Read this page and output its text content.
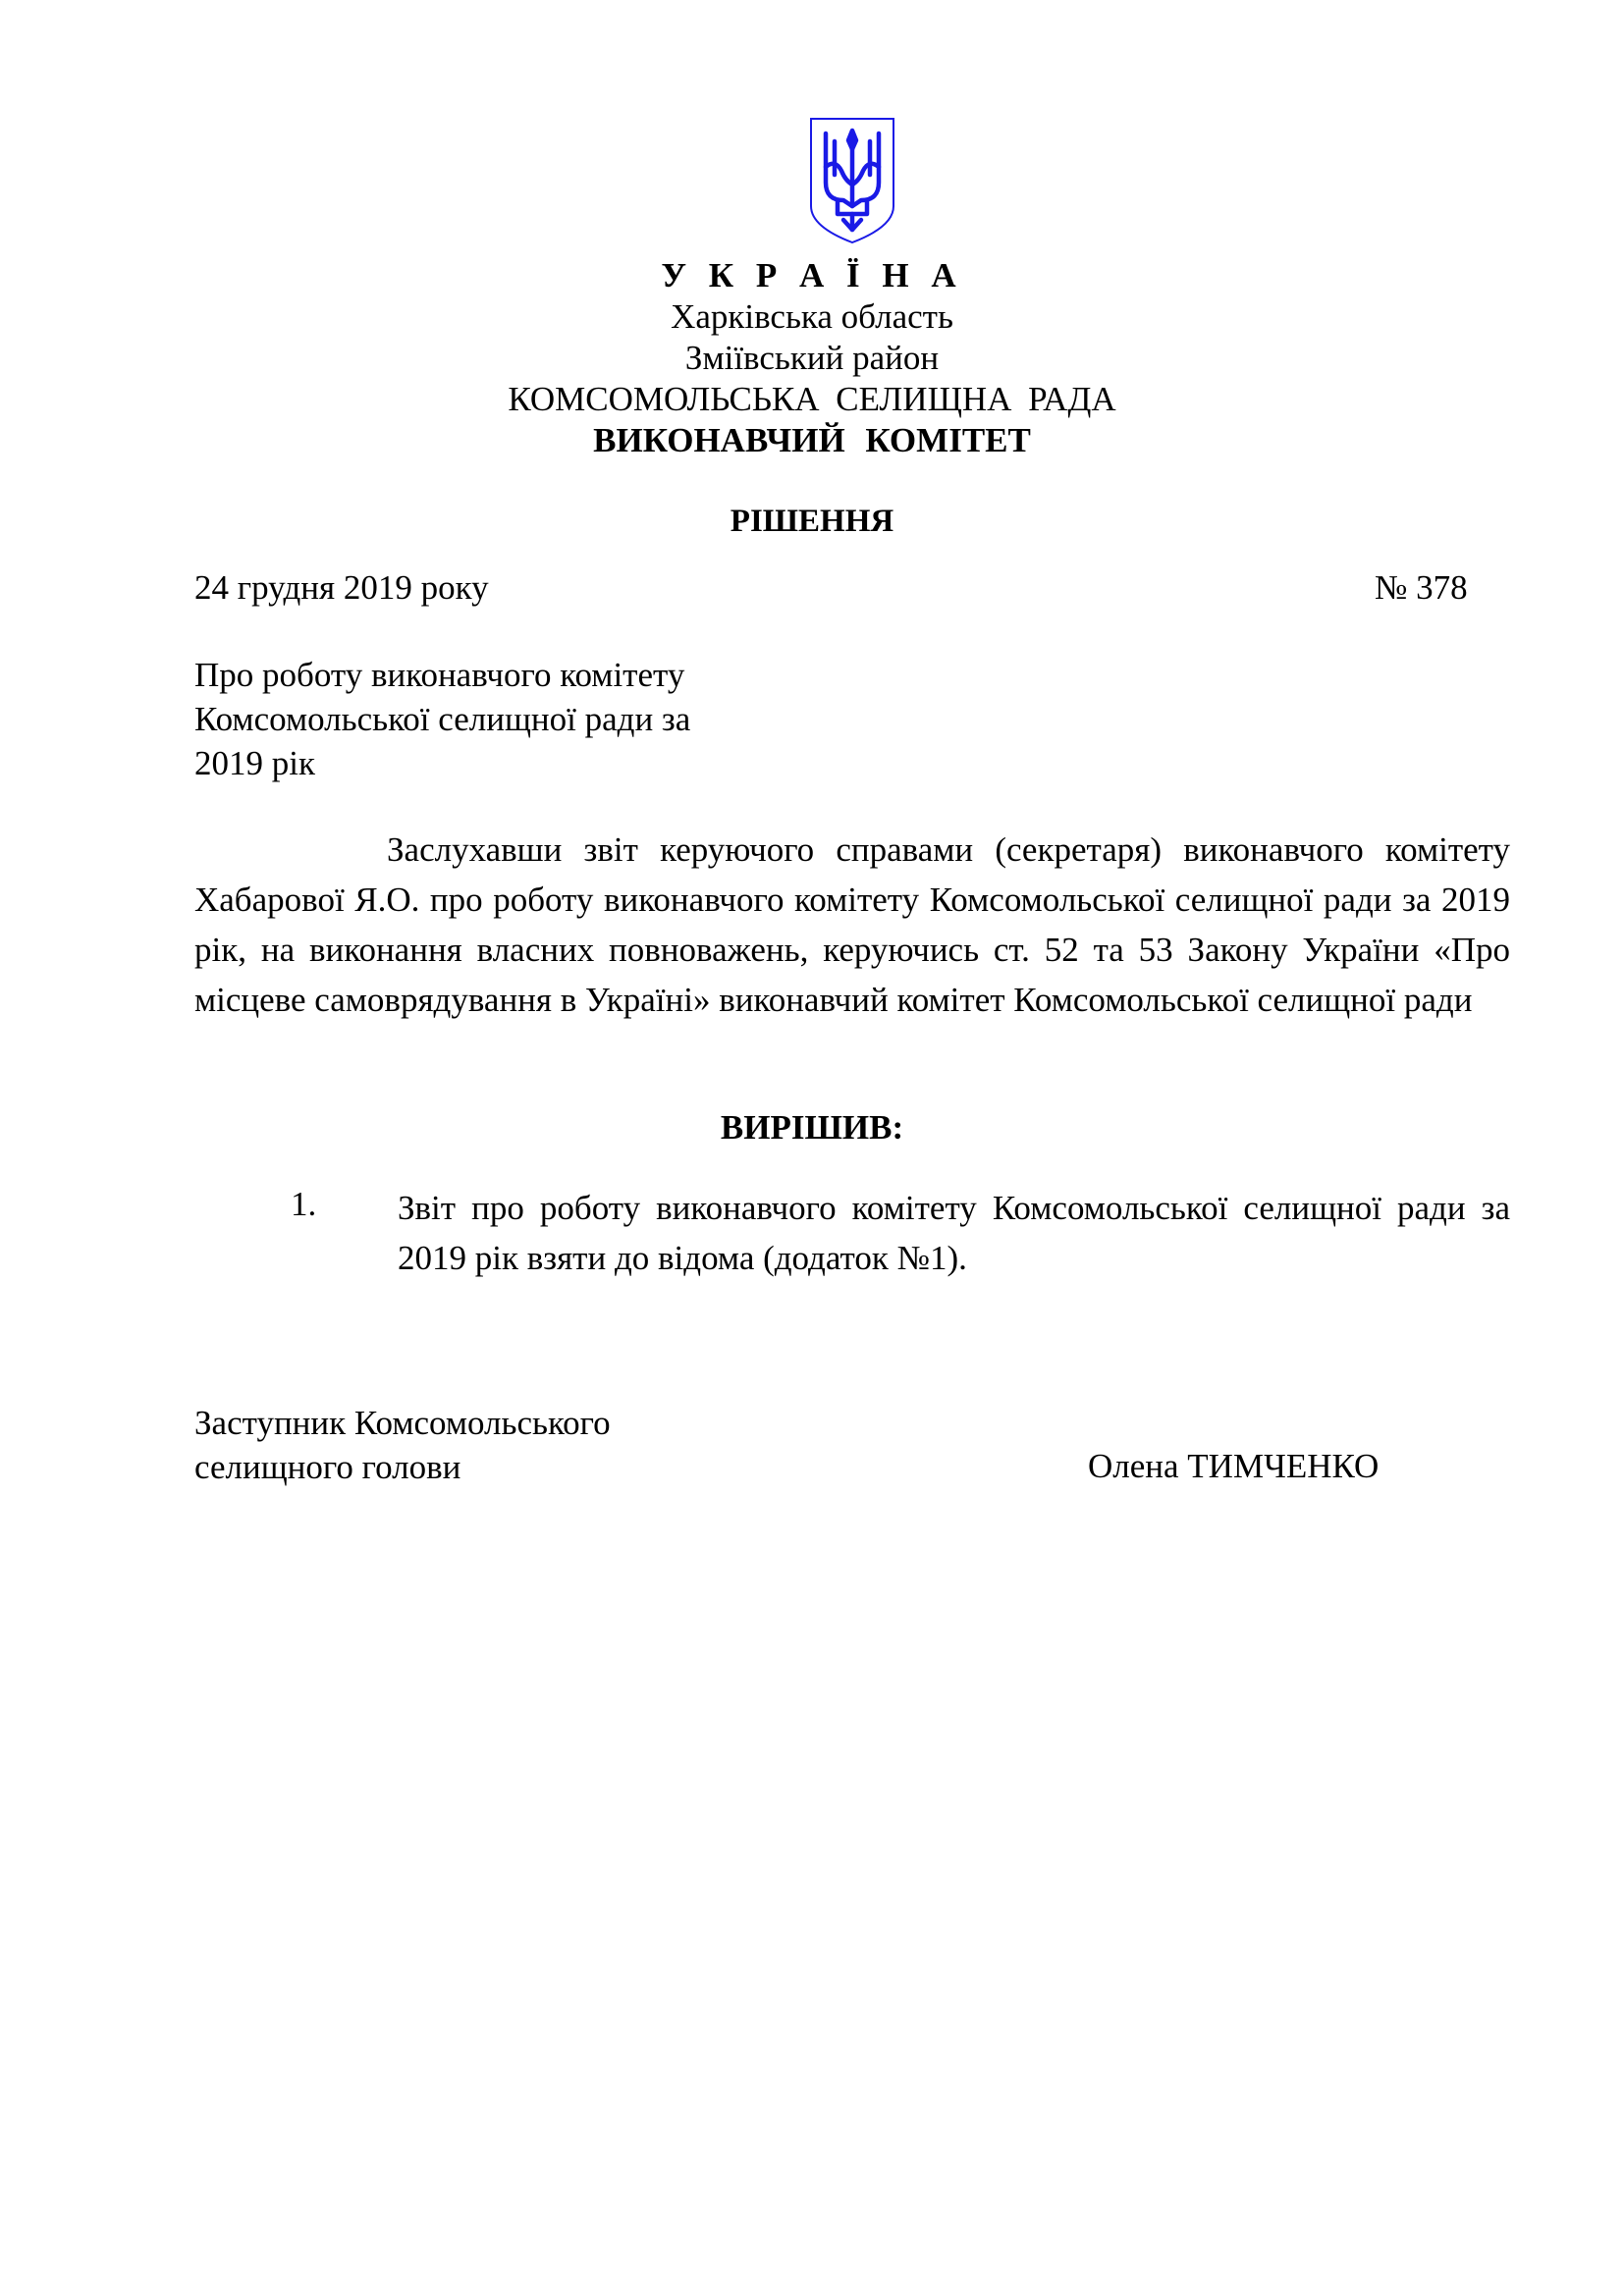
У К Р А Ї Н А
Харківська область
Зміївський район
КОМСОМОЛЬСЬКА СЕЛИЩНА РАДА
ВИКОНАВЧИЙ КОМІТЕТ
РІШЕННЯ
24 грудня 2019 року	№ 378
Про роботу виконавчого комітету
Комсомольської селищної ради за
2019 рік
Заслухавши звіт керуючого справами (секретаря) виконавчого комітету Хабарової Я.О. про роботу виконавчого комітету Комсомольської селищної ради за 2019 рік, на виконання власних повноважень, керуючись ст. 52 та 53 Закону України «Про місцеве самоврядування в Україні» виконавчий комітет Комсомольської селищної ради
ВИРІШИВ:
1. Звіт про роботу виконавчого комітету Комсомольської селищної ради за 2019 рік взяти до відома (додаток №1).
Заступник Комсомольського
селищного голови	Олена ТИМЧЕНКО
